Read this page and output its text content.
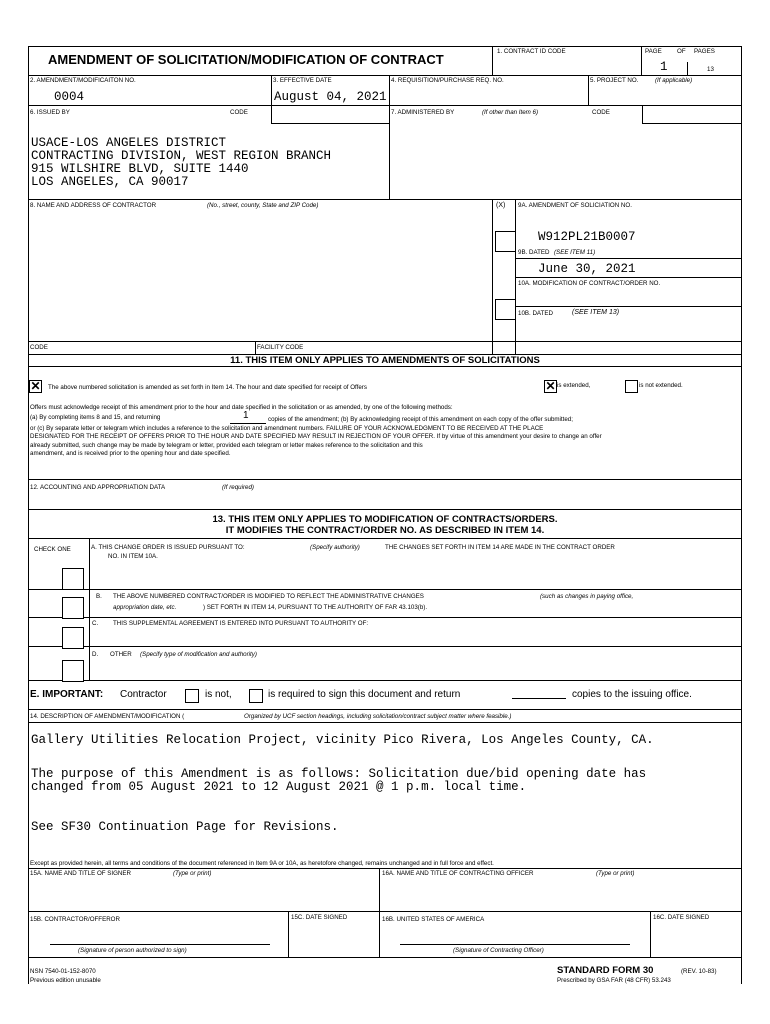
AMENDMENT OF SOLICITATION/MODIFICATION OF CONTRACT
1. CONTRACT ID CODE	PAGE OF PAGES
1	13
2. AMENDMENT/MODIFICAITON NO.
0004
3. EFFECTIVE DATE
August 04, 2021
4. REQUISITION/PURCHASE REQ. NO.	5. PROJECT NO.	(If applicable)
6. ISSUED BY	CODE	7. ADMINISTERED BY	(If other than Item 6)	CODE
USACE-LOS ANGELES DISTRICT
CONTRACTING DIVISION, WEST REGION BRANCH
915 WILSHIRE BLVD, SUITE 1440
LOS ANGELES, CA 90017
8. NAME AND ADDRESS OF CONTRACTOR	(No., street, county, State and ZIP Code)	(X) 9A. AMENDMENT OF SOLICIATION NO.
W912PL21B0007
9B. DATED (SEE ITEM 11)
June 30, 2021
10A. MODIFICATION OF CONTRACT/ORDER NO.
10B. DATED	(SEE ITEM 13)
CODE	FACILITY CODE
11. THIS ITEM ONLY APPLIES TO AMENDMENTS OF SOLICITATIONS
✕ The above numbered solicitation is amended as set forth in Item 14. The hour and date specified for receipt of Offers	✕ is extended,	is not extended.
Offers must acknowledge receipt of this amendment prior to the hour and date specified in the solicitation or as amended, by one of the following methods:
(a) By completing items 8 and 15, and returning	1	copies of the amendment; (b) By acknowledging receipt of this amendment on each copy of the offer submitted;
or (c) By separate letter or telegram which includes a reference to the solicitation and amendment numbers. FAILURE OF YOUR ACKNOWLEDGMENT TO BE RECEIVED AT THE PLACE
DESIGNATED FOR THE RECEIPT OF OFFERS PRIOR TO THE HOUR AND DATE SPECIFIED MAY RESULT IN REJECTION OF YOUR OFFER. If by virtue of this amendment your desire to change an offer
already submitted, such change may be made by telegram or letter, provided each telegram or letter makes reference to the solicitation and this
amendment, and is received prior to the opening hour and date specified.
12. ACCOUNTING AND APPROPRIATION DATA	(If required)
13. THIS ITEM ONLY APPLIES TO MODIFICATION OF CONTRACTS/ORDERS.
IT MODIFIES THE CONTRACT/ORDER NO. AS DESCRIBED IN ITEM 14.
CHECK ONE	A. THIS CHANGE ORDER IS ISSUED PURSUANT TO:	(Specify authority)	THE CHANGES SET FORTH IN ITEM 14 ARE MADE IN THE CONTRACT ORDER
NO. IN ITEM 10A.
B. THE ABOVE NUMBERED CONTRACT/ORDER IS MODIFIED TO REFLECT THE ADMINISTRATIVE CHANGES	(such as changes in paying office,
appropriation date, etc.	) SET FORTH IN ITEM 14, PURSUANT TO THE AUTHORITY OF FAR 43.103(b).
C. THIS SUPPLEMENTAL AGREEMENT IS ENTERED INTO PURSUANT TO AUTHORITY OF:
D. OTHER (Specify type of modification and authority)
E. IMPORTANT: Contractor	is not,	is required to sign this document and return	copies to the issuing office.
14. DESCRIPTION OF AMENDMENT/MODIFICATION (	Organized by UCF section headings, including solicitation/contract subject matter where feasible.)
Gallery Utilities Relocation Project, vicinity Pico Rivera, Los Angeles County, CA.
The purpose of this Amendment is as follows: Solicitation due/bid opening date has
changed from 05 August 2021 to 12 August 2021 @ 1 p.m. local time.
See SF30 Continuation Page for Revisions.
Except as provided herein, all terms and conditions of the document referenced in Item 9A or 10A, as heretofore changed, remains unchanged and in full force and effect.
15A. NAME AND TITLE OF SIGNER	(Type or print)	16A. NAME AND TITLE OF CONTRACTING OFFICER	(Type or print)
15B. CONTRACTOR/OFFEROR	15C. DATE SIGNED	16B. UNITED STATES OF AMERICA	16C. DATE SIGNED
(Signature of person authorized to sign)	(Signature of Contracting Officer)
NSN 7540-01-152-8070
Previous edition unusable
STANDARD FORM 30	(REV. 10-83)
Prescribed by GSA FAR (48 CFR) 53.243
